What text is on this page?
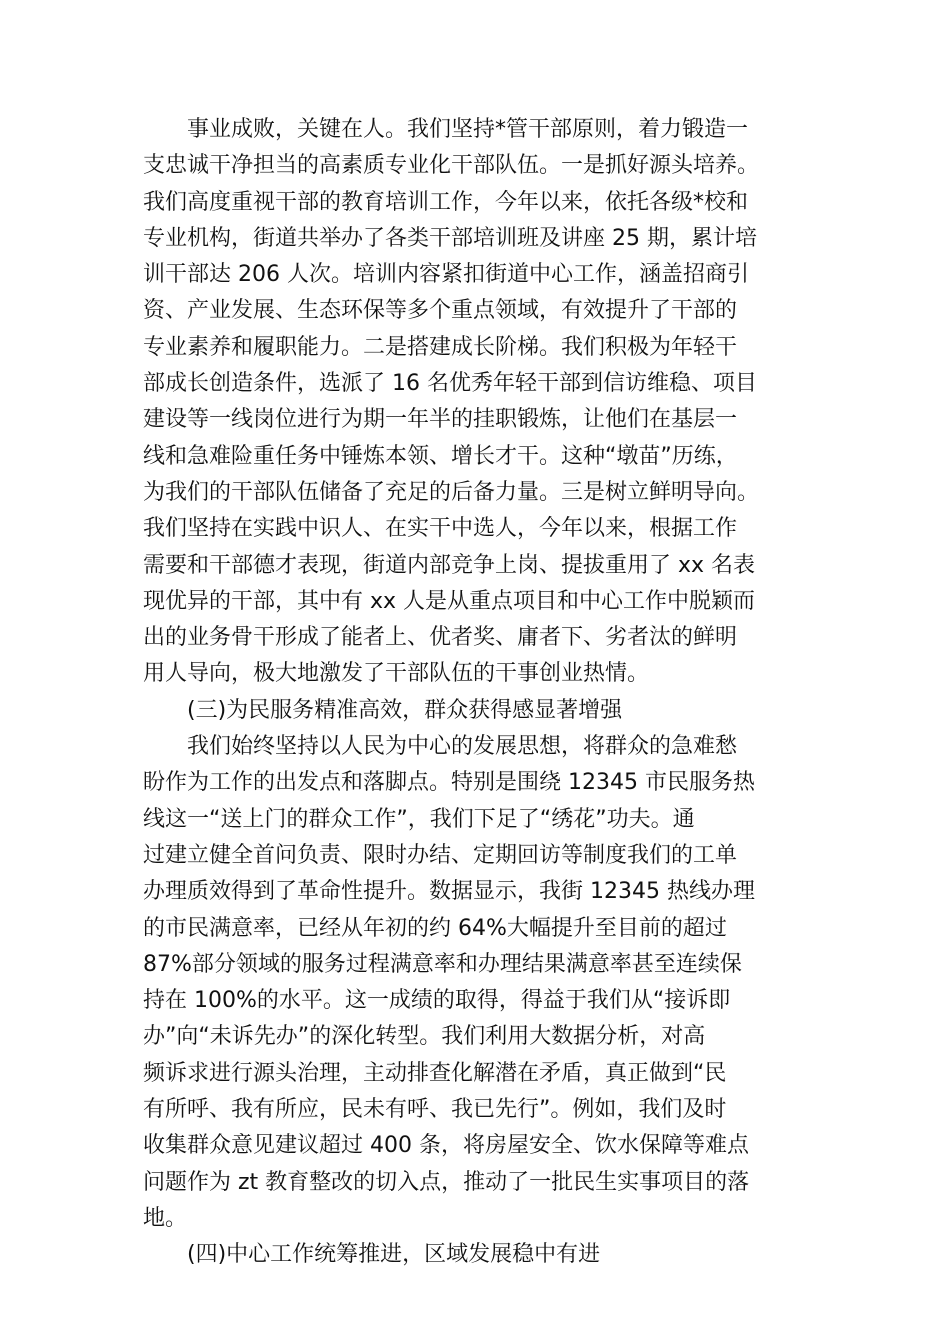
事业成败，关键在人。我们坚持*管干部原则，着力锻造一

支忠诚干净担当的高素质专业化干部队伍。一是抓好源头培养。

我们高度重视干部的教育培训工作，今年以来，依托各级*校和

专业机构，街道共举办了各类干部培训班及讲座 25 期，累计培

训干部达 206 人次。培训内容紧扣街道中心工作，涵盖招商引

资、产业发展、生态环保等多个重点领域，有效提升了干部的

专业素养和履职能力。二是搭建成长阶梯。我们积极为年轻干

部成长创造条件，选派了 16 名优秀年轻干部到信访维稳、项目

建设等一线岗位进行为期一年半的挂职锻炼，让他们在基层一

线和急难险重任务中锤炼本领、增长才干。这种“墩苗”历练，

为我们的干部队伍储备了充足的后备力量。三是树立鲜明导向。

我们坚持在实践中识人、在实干中选人，今年以来，根据工作

需要和干部德才表现，街道内部竞争上岗、提拔重用了 xx 名表

现优异的干部，其中有 xx 人是从重点项目和中心工作中脱颖而

出的业务骨干形成了能者上、优者奖、庸者下、劣者汰的鲜明

用人导向，极大地激发了干部队伍的干事创业热情。

(三)为民服务精准高效，群众获得感显著增强

我们始终坚持以人民为中心的发展思想，将群众的急难愁

盼作为工作的出发点和落脚点。特别是围绕 12345 市民服务热

线这一“送上门的群众工作”，我们下足了“绣花”功夫。通

过建立健全首问负责、限时办结、定期回访等制度我们的工单

办理质效得到了革命性提升。数据显示，我街 12345 热线办理

的市民满意率，已经从年初的约 64%大幅提升至目前的超过

87%部分领域的服务过程满意率和办理结果满意率甚至连续保

持在 100%的水平。这一成绩的取得，得益于我们从“接诉即

办”向“未诉先办”的深化转型。我们利用大数据分析，对高

频诉求进行源头治理，主动排查化解潜在矛盾，真正做到“民

有所呼、我有所应，民未有呼、我已先行”。例如，我们及时

收集群众意见建议超过 400 条，将房屋安全、饮水保障等难点

问题作为 zt 教育整改的切入点，推动了一批民生实事项目的落

地。

(四)中心工作统筹推进，区域发展稳中有进
